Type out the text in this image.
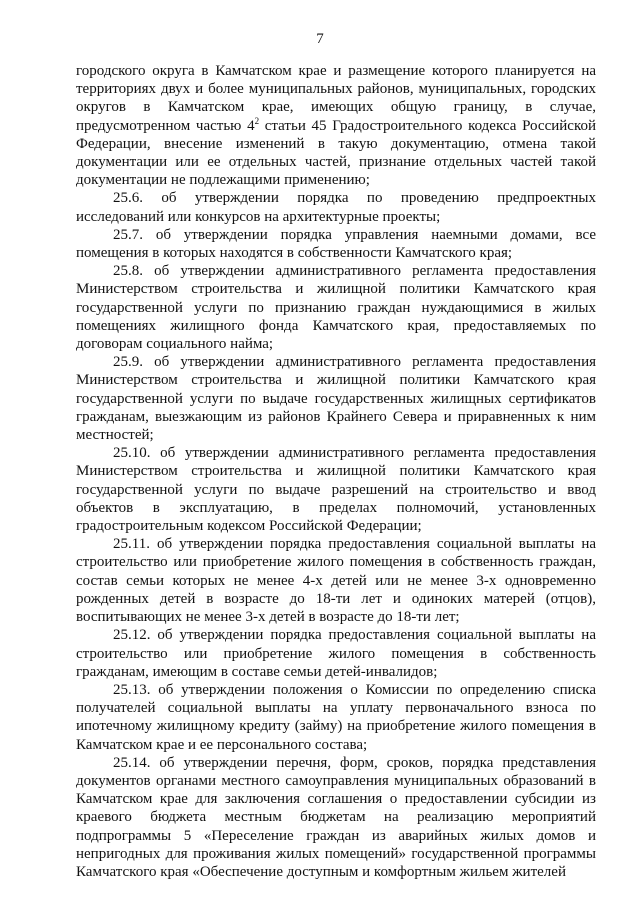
7

городского округа в Камчатском крае и размещение которого планируется на территориях двух и более муниципальных районов, муниципальных, городских округов в Камчатском крае, имеющих общую границу, в случае, предусмотренном частью $4^2$ статьи 45 Градостроительного кодекса Российской Федерации, внесение изменений в такую документацию, отмена такой документации или ее отдельных частей, признание отдельных частей такой документации не подлежащими применению;

25.6. об утверждении порядка по проведению предпроектных исследований или конкурсов на архитектурные проекты;

25.7. об утверждении порядка управления наемными домами, все помещения в которых находятся в собственности Камчатского края;

25.8. об утверждении административного регламента предоставления Министерством строительства и жилищной политики Камчатского края государственной услуги по признанию граждан нуждающимися в жилых помещениях жилищного фонда Камчатского края, предоставляемых по договорам социального найма;

25.9. об утверждении административного регламента предоставления Министерством строительства и жилищной политики Камчатского края государственной услуги по выдаче государственных жилищных сертификатов гражданам, выезжающим из районов Крайнего Севера и приравненных к ним местностей;

25.10. об утверждении административного регламента предоставления Министерством строительства и жилищной политики Камчатского края государственной услуги по выдаче разрешений на строительство и ввод объектов в эксплуатацию, в пределах полномочий, установленных градостроительным кодексом Российской Федерации;

25.11. об утверждении порядка предоставления социальной выплаты на строительство или приобретение жилого помещения в собственность граждан, состав семьи которых не менее 4-х детей или не менее 3-х одновременно рожденных детей в возрасте до 18-ти лет и одиноких матерей (отцов), воспитывающих не менее 3-х детей в возрасте до 18-ти лет;

25.12. об утверждении порядка предоставления социальной выплаты на строительство или приобретение жилого помещения в собственность гражданам, имеющим в составе семьи детей-инвалидов;

25.13. об утверждении положения о Комиссии по определению списка получателей социальной выплаты на уплату первоначального взноса по ипотечному жилищному кредиту (займу) на приобретение жилого помещения в Камчатском крае и ее персонального состава;

25.14. об утверждении перечня, форм, сроков, порядка представления документов органами местного самоуправления муниципальных образований в Камчатском крае для заключения соглашения о предоставлении субсидии из краевого бюджета местным бюджетам на реализацию мероприятий подпрограммы 5 «Переселение граждан из аварийных жилых домов и непригодных для проживания жилых помещений» государственной программы Камчатского края «Обеспечение доступным и комфортным жильем жителей
